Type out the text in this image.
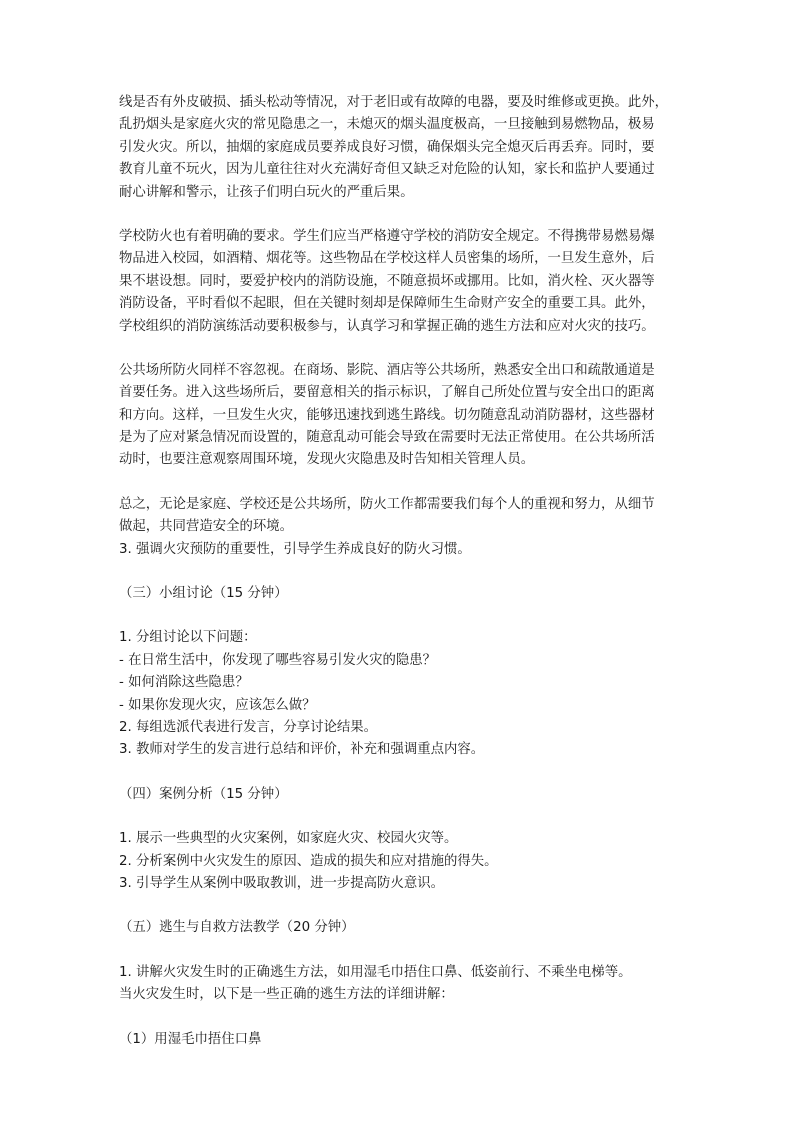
线是否有外皮破损、插头松动等情况，对于老旧或有故障的电器，要及时维修或更换。此外，
乱扔烟头是家庭火灾的常见隐患之一，未熄灭的烟头温度极高，一旦接触到易燃物品，极易
引发火灾。所以，抽烟的家庭成员要养成良好习惯，确保烟头完全熄灭后再丢弃。同时，要
教育儿童不玩火，因为儿童往往对火充满好奇但又缺乏对危险的认知，家长和监护人要通过
耐心讲解和警示，让孩子们明白玩火的严重后果。
学校防火也有着明确的要求。学生们应当严格遵守学校的消防安全规定。不得携带易燃易爆
物品进入校园，如酒精、烟花等。这些物品在学校这样人员密集的场所，一旦发生意外，后
果不堪设想。同时，要爱护校内的消防设施，不随意损坏或挪用。比如，消火栓、灭火器等
消防设备，平时看似不起眼，但在关键时刻却是保障师生生命财产安全的重要工具。此外，
学校组织的消防演练活动要积极参与，认真学习和掌握正确的逃生方法和应对火灾的技巧。
公共场所防火同样不容忽视。在商场、影院、酒店等公共场所，熟悉安全出口和疏散通道是
首要任务。进入这些场所后，要留意相关的指示标识，了解自己所处位置与安全出口的距离
和方向。这样，一旦发生火灾，能够迅速找到逃生路线。切勿随意乱动消防器材，这些器材
是为了应对紧急情况而设置的，随意乱动可能会导致在需要时无法正常使用。在公共场所活
动时，也要注意观察周围环境，发现火灾隐患及时告知相关管理人员。
总之，无论是家庭、学校还是公共场所，防火工作都需要我们每个人的重视和努力，从细节
做起，共同营造安全的环境。
3. 强调火灾预防的重要性，引导学生养成良好的防火习惯。
（三）小组讨论（15 分钟）
1. 分组讨论以下问题：
- 在日常生活中，你发现了哪些容易引发火灾的隐患？
- 如何消除这些隐患？
- 如果你发现火灾，应该怎么做？
2. 每组选派代表进行发言，分享讨论结果。
3. 教师对学生的发言进行总结和评价，补充和强调重点内容。
（四）案例分析（15 分钟）
1. 展示一些典型的火灾案例，如家庭火灾、校园火灾等。
2. 分析案例中火灾发生的原因、造成的损失和应对措施的得失。
3. 引导学生从案例中吸取教训，进一步提高防火意识。
（五）逃生与自救方法教学（20 分钟）
1. 讲解火灾发生时的正确逃生方法，如用湿毛巾捂住口鼻、低姿前行、不乘坐电梯等。
当火灾发生时，以下是一些正确的逃生方法的详细讲解：
（1）用湿毛巾捂住口鼻
